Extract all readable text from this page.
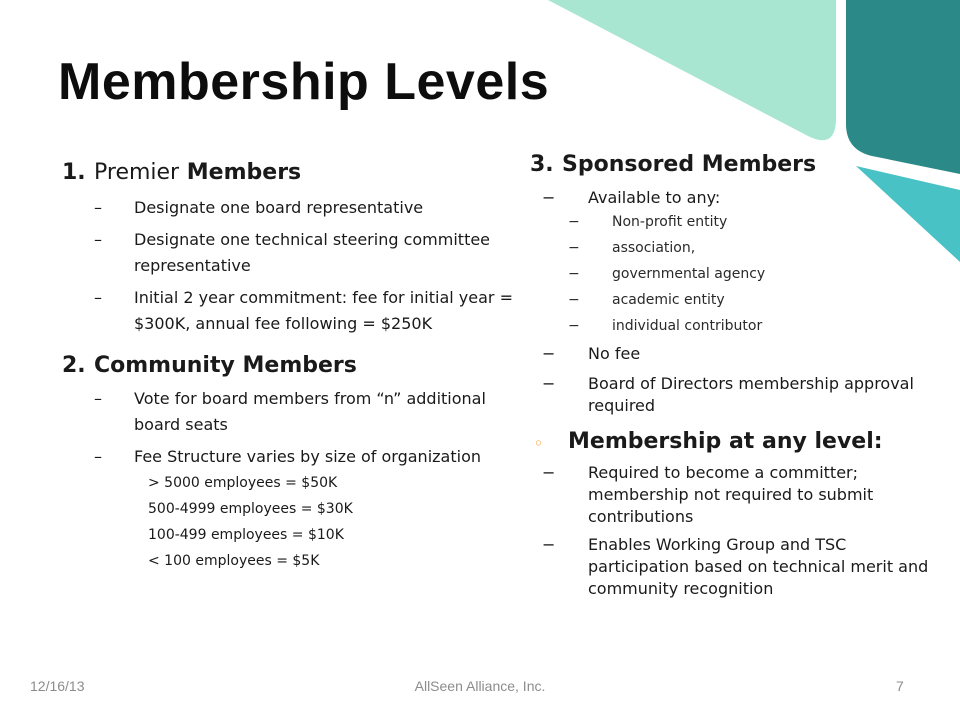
Membership Levels
1. Premier
Members
–	Designate one board representative
–	Designate one technical steering committee representative
–	Initial 2 year commitment: fee for initial year = $300K, annual fee following = $250K
2. Community
Members
–	Vote for board members from “n” additional board seats
–	Fee Structure varies by size of organization
> 5000 employees = $50K
500-4999 employees = $30K
100-499 employees = $10K
< 100 employees = $5K
3. Sponsored Members
−	Available to any:
−	Non-profit entity
−	association,
−	governmental agency
−	academic entity
−	individual contributor
−	No fee
−	Board of Directors membership approval required
◦	Membership at any level:
−	Required to become a committer; membership not required to submit contributions
−	Enables Working Group and TSC participation based on technical merit and community recognition
12/16/13	AllSeen Alliance, Inc.	7
